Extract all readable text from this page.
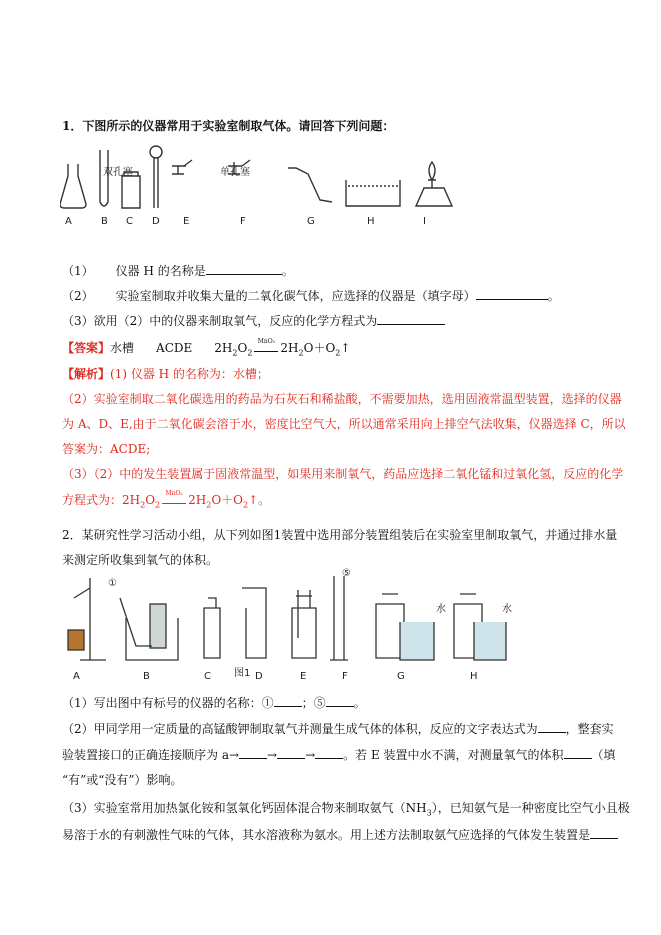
1．下图所示的仪器常用于实验室制取气体。请回答下列问题：
双孔塞	单孔塞
A	B C D E	F	G	H	I
（1） 仪器 H 的名称是	。
（2） 实验室制取并收集大量的二氧化碳气体，应选择的仪器是（填字母）	。
（3）欲用（2）中的仪器来制取氧气，反应的化学方程式为
【答案】水槽 ACDE $2H_2O_2$
MnO₂ $2H_2O+O_2↑$
【解析】(1) 仪器 H 的名称为：水槽；
（2）实验室制取二氧化碳选用的药品为石灰石和稀盐酸，不需要加热，选用固液常温型装置，选择的仪器
为 A、D、E,由于二氧化碳会溶于水，密度比空气大，所以通常采用向上排空气法收集，仪器选择 C，所以
答案为：ACDE;
（3）（2）中的发生装置属于固液常温型，如果用来制氧气，药品应选择二氧化锰和过氧化氢，反应的化学
方程式为：$2H_2O_2$
MnO₂ $2H_2O+O_2↑$。
2．某研究性学习活动小组，从下列如图1装置中选用部分装置组装后在实验室里制取氧气，并通过排水量
来测定所收集到氧气的体积。
①
⑤
水	水
图1
A	B	C	D	E	F	G	H
（1）写出图中有标号的仪器的名称：① ；⑤ 。
（2）甲同学用一定质量的高锰酸钾制取氧气并测量生成气体的体积，反应的文字表达式为 ，整套实
验装置接口的正确连接顺序为 a→ → → 。若 E 装置中水不满，对测量氧气的体积 （填
“有”或“没有”）影响。
（3）实验室常用加热氯化铵和氢氧化钙固体混合物来制取氨气$(NH_3)$，已知氨气是一种密度比空气小且极
易溶于水的有刺激性气味的气体，其水溶液称为氨水。用上述方法制取氨气应选择的气体发生装置是
